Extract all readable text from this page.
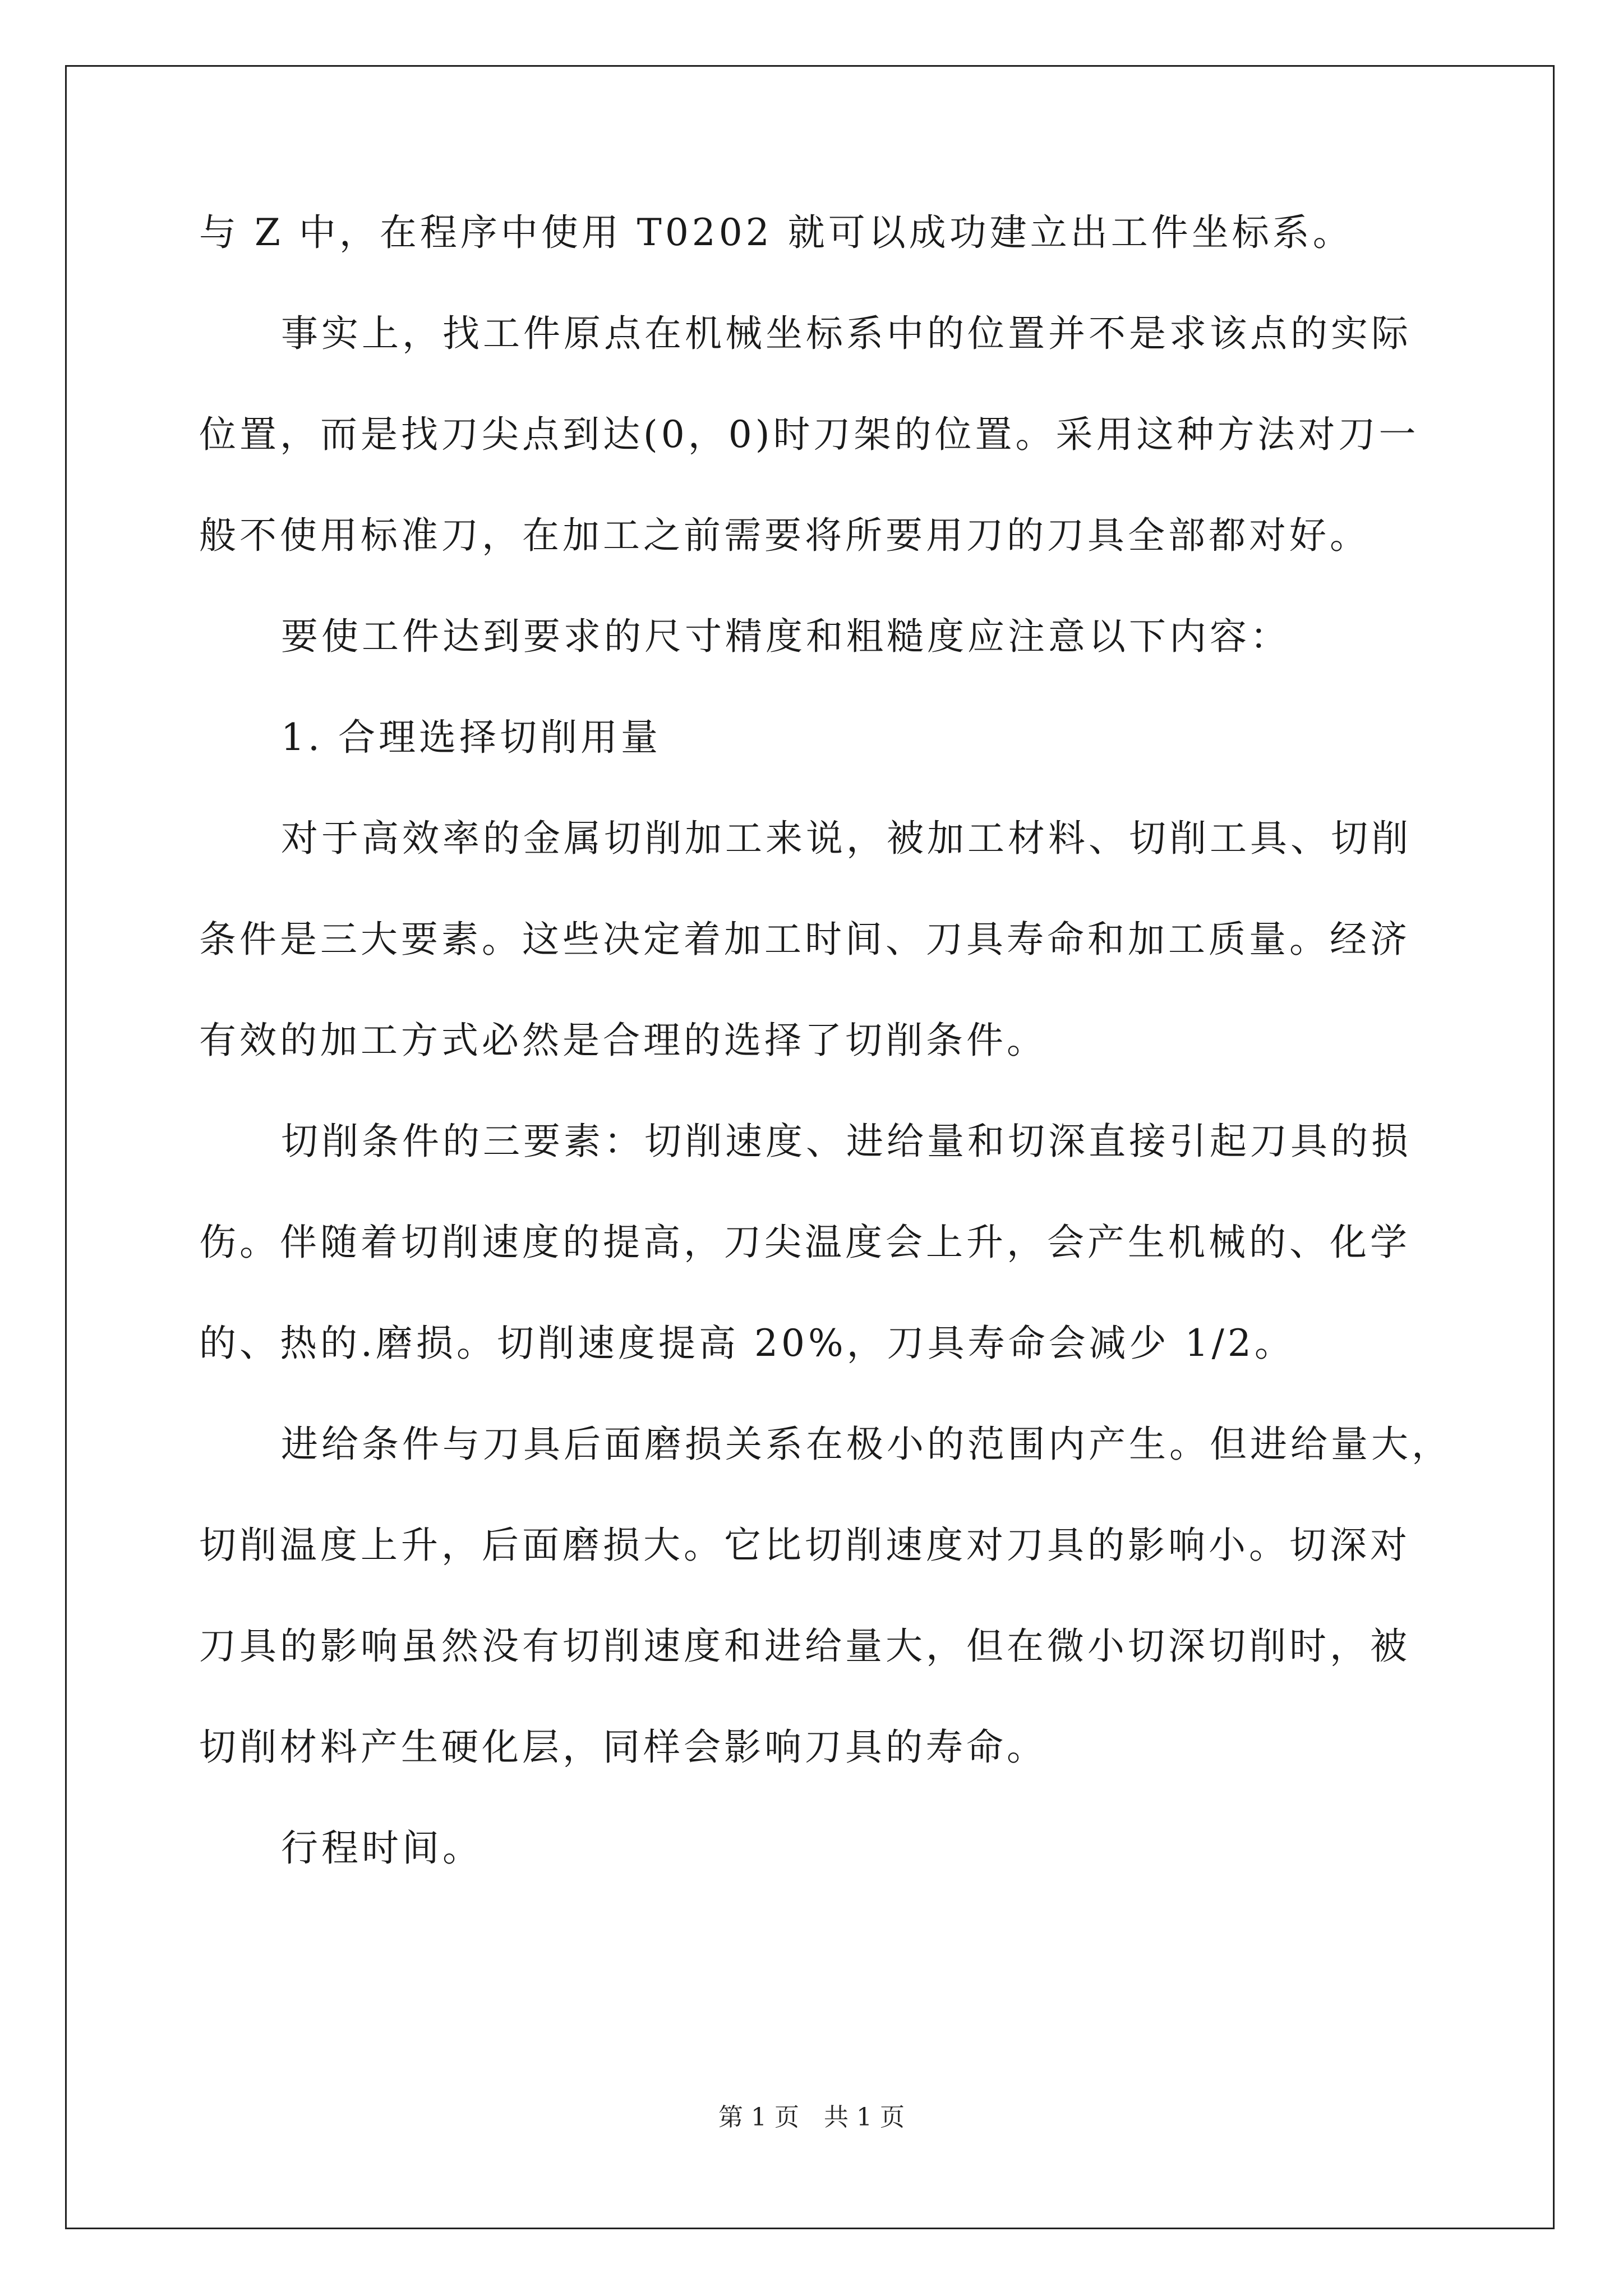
与 Z 中，在程序中使用 T0202 就可以成功建立出工件坐标系。
事实上，找工件原点在机械坐标系中的位置并不是求该点的实际
位置，而是找刀尖点到达(0，0)时刀架的位置。采用这种方法对刀一
般不使用标准刀，在加工之前需要将所要用刀的刀具全部都对好。
要使工件达到要求的尺寸精度和粗糙度应注意以下内容：
1. 合理选择切削用量
对于高效率的金属切削加工来说，被加工材料、切削工具、切削
条件是三大要素。这些决定着加工时间、刀具寿命和加工质量。经济
有效的加工方式必然是合理的选择了切削条件。
切削条件的三要素：切削速度、进给量和切深直接引起刀具的损
伤。伴随着切削速度的提高，刀尖温度会上升，会产生机械的、化学
的、热的.磨损。切削速度提高 20%，刀具寿命会减少 1/2。
进给条件与刀具后面磨损关系在极小的范围内产生。但进给量大，
切削温度上升，后面磨损大。它比切削速度对刀具的影响小。切深对
刀具的影响虽然没有切削速度和进给量大，但在微小切深切削时，被
切削材料产生硬化层，同样会影响刀具的寿命。
行程时间。
第 1 页　共 1 页
